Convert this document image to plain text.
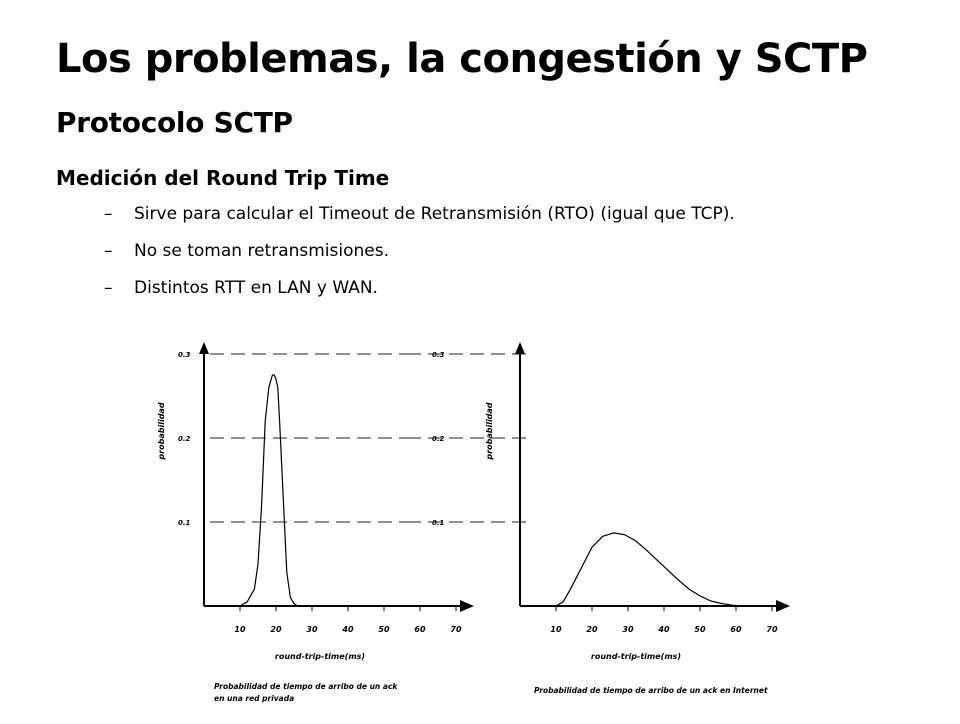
Los problemas, la congestión y SCTP
Protocolo SCTP
Medición del Round Trip Time
–	Sirve para calcular el Timeout de Retransmisión (RTO) (igual que TCP).
–	No se toman retransmisiones.
–	Distintos RTT en LAN y WAN.
0.1	0.1
0.2	0.2
0.3	0.3
10	20	30	40	50	60	70
round-trip-time(ms)
probabilidad
Probabilidad de tiempo de arribo de un ack en una red privada
10	20	30	40	50	60	70
round-trip-time(ms)
probabilidad
Probabilidad de tiempo de arribo de un ack en Internet
